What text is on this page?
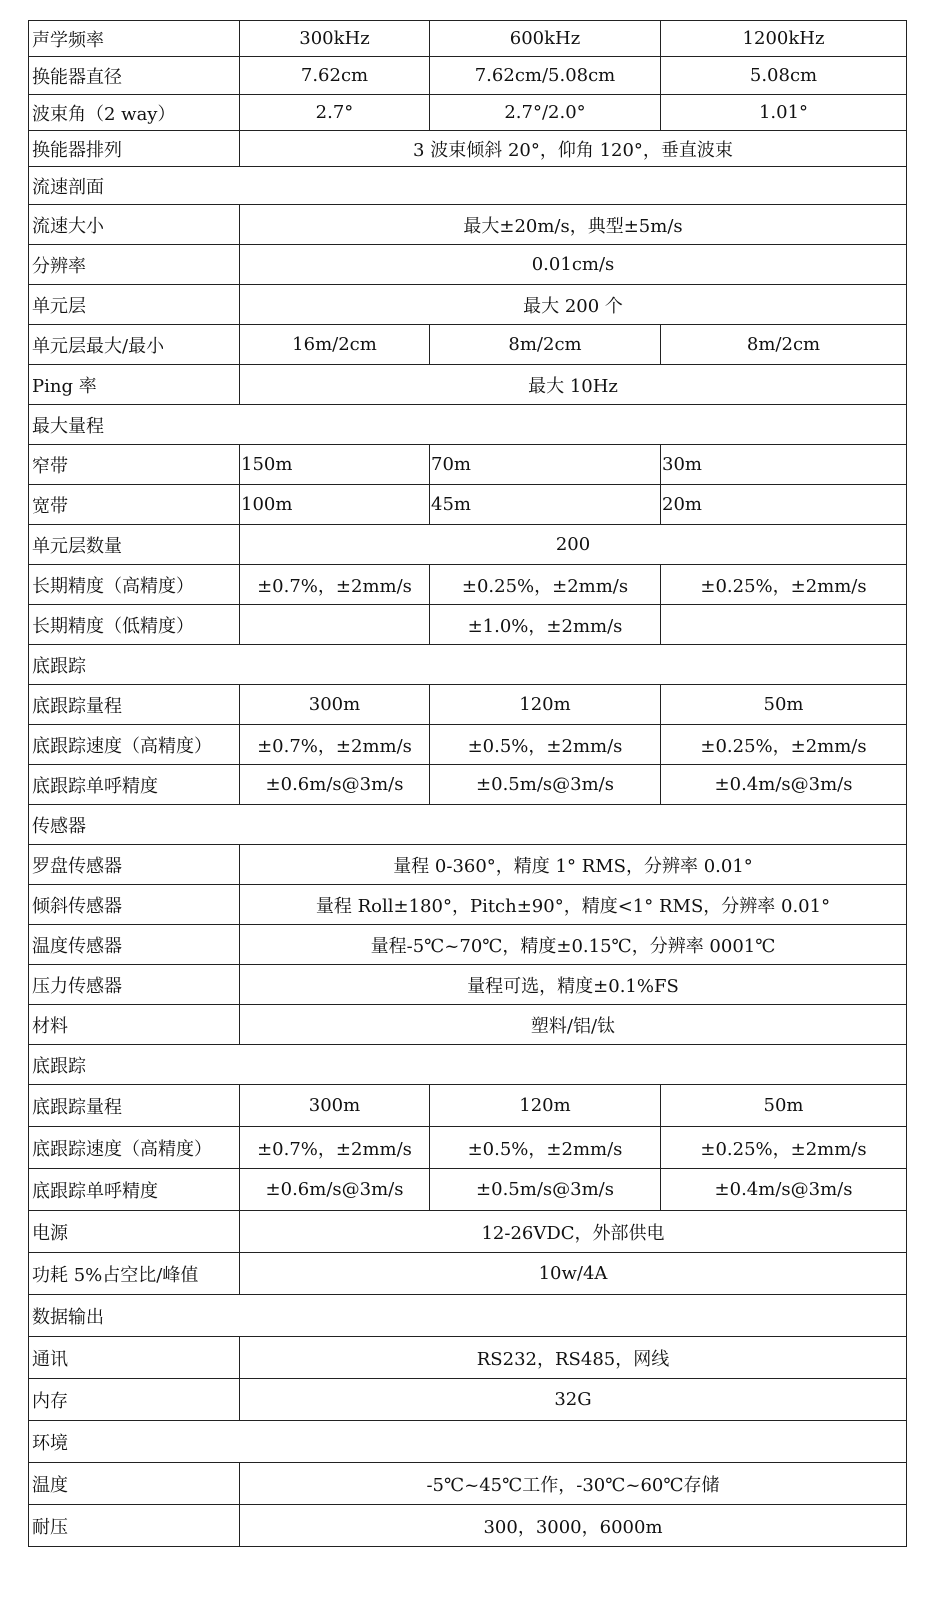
声学频率	300kHz	600kHz	1200kHz
换能器直径	7.62cm	7.62cm/5.08cm	5.08cm
波束角（2 way）	2.7°	2.7°/2.0°	1.01°
换能器排列	3 波束倾斜 20°，仰角 120°，垂直波束		
流速剖面			
流速大小	最大±20m/s，典型±5m/s		
分辨率	0.01cm/s		
单元层	最大 200 个		
单元层最大/最小	16m/2cm	8m/2cm	8m/2cm
Ping 率	最大 10Hz		
最大量程			
窄带	150m	70m	30m
宽带	100m	45m	20m
单元层数量	200		
长期精度（高精度）	±0.7%，±2mm/s	±0.25%，±2mm/s	±0.25%，±2mm/s
长期精度（低精度）		±1.0%，±2mm/s	
底跟踪			
底跟踪量程	300m	120m	50m
底跟踪速度（高精度）	±0.7%，±2mm/s	±0.5%，±2mm/s	±0.25%，±2mm/s
底跟踪单呼精度	±0.6m/s@3m/s	±0.5m/s@3m/s	±0.4m/s@3m/s
传感器			
罗盘传感器	量程 0-360°，精度 1° RMS，分辨率 0.01°		
倾斜传感器	量程 Roll±180°，Pitch±90°，精度<1° RMS，分辨率 0.01°		
温度传感器	量程-5℃~70℃，精度±0.15℃，分辨率 0001℃		
压力传感器	量程可选，精度±0.1%FS		
材料	塑料/铝/钛		
底跟踪			
底跟踪量程	300m	120m	50m
底跟踪速度（高精度）	±0.7%，±2mm/s	±0.5%，±2mm/s	±0.25%，±2mm/s
底跟踪单呼精度	±0.6m/s@3m/s	±0.5m/s@3m/s	±0.4m/s@3m/s
电源	12-26VDC，外部供电		
功耗 5%占空比/峰值	10w/4A		
数据输出			
通讯	RS232，RS485，网线		
内存	32G		
环境			
温度	-5℃~45℃工作，-30℃~60℃存储		
耐压	300，3000，6000m		
